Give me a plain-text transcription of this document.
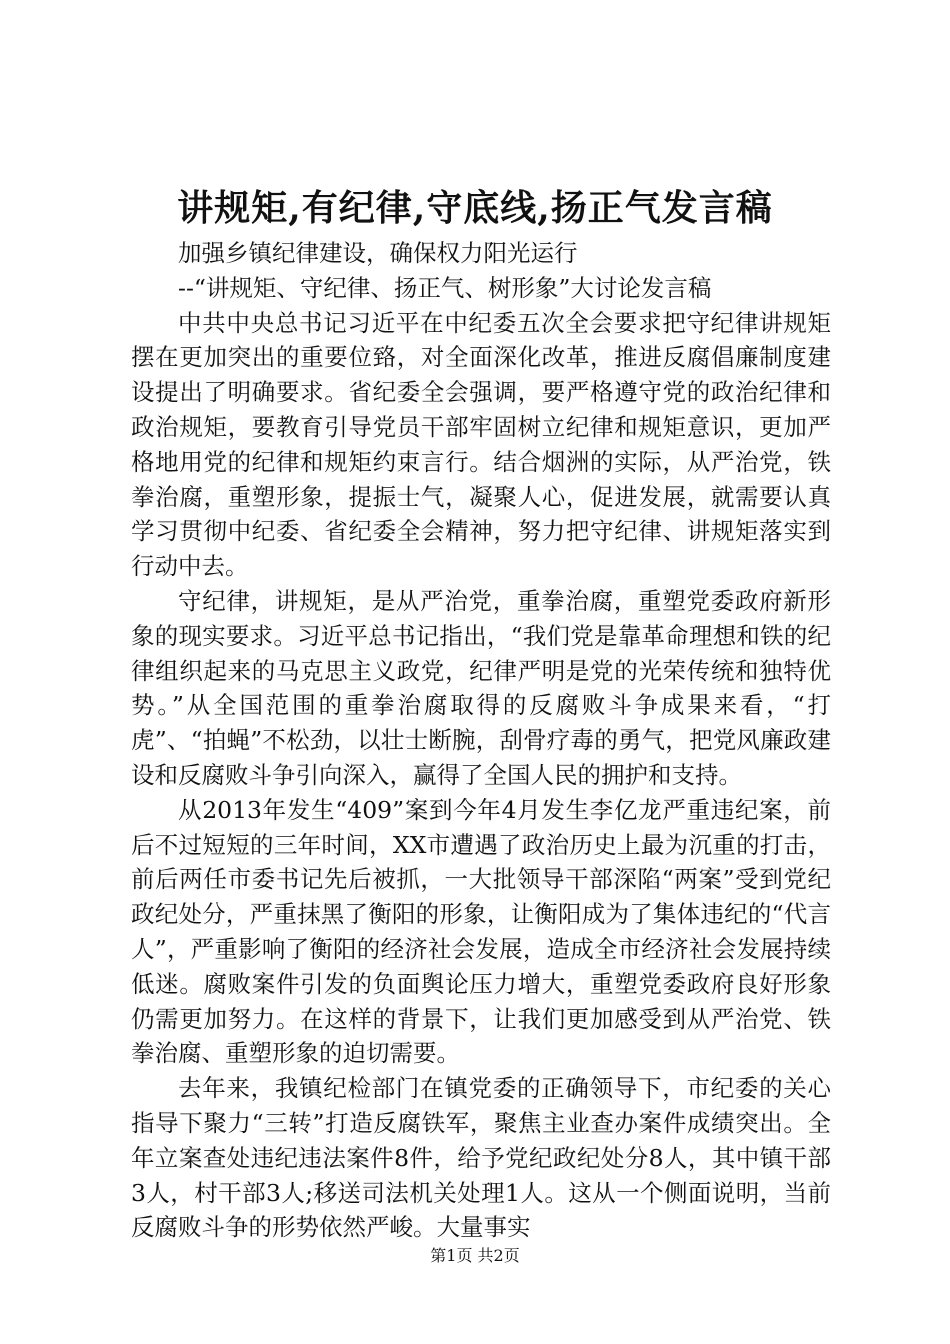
讲规矩,有纪律,守底线,扬正气发言稿

加强乡镇纪律建设，确保权力阳光运行

--“讲规矩、守纪律、扬正气、树形象”大讨论发言稿

中共中央总书记习近平在中纪委五次全会要求把守纪律讲规矩摆在更加突出的重要位臵，对全面深化改革，推进反腐倡廉制度建设提出了明确要求。省纪委全会强调，要严格遵守党的政治纪律和政治规矩，要教育引导党员干部牢固树立纪律和规矩意识，更加严格地用党的纪律和规矩约束言行。结合烟洲的实际，从严治党，铁拳治腐，重塑形象，提振士气，凝聚人心，促进发展，就需要认真学习贯彻中纪委、省纪委全会精神，努力把守纪律、讲规矩落实到行动中去。

守纪律，讲规矩，是从严治党，重拳治腐，重塑党委政府新形象的现实要求。习近平总书记指出，“我们党是靠革命理想和铁的纪律组织起来的马克思主义政党，纪律严明是党的光荣传统和独特优势。”从全国范围的重拳治腐取得的反腐败斗争成果来看，“打虎”、“拍蝇”不松劲，以壮士断腕，刮骨疗毒的勇气，把党风廉政建设和反腐败斗争引向深入，赢得了全国人民的拥护和支持。

从2013年发生“409”案到今年4月发生李亿龙严重违纪案，前后不过短短的三年时间，XX市遭遇了政治历史上最为沉重的打击，前后两任市委书记先后被抓，一大批领导干部深陷“两案”受到党纪政纪处分，严重抹黑了衡阳的形象，让衡阳成为了集体违纪的“代言人”，严重影响了衡阳的经济社会发展，造成全市经济社会发展持续低迷。腐败案件引发的负面舆论压力增大，重塑党委政府良好形象仍需更加努力。在这样的背景下，让我们更加感受到从严治党、铁拳治腐、重塑形象的迫切需要。

去年来，我镇纪检部门在镇党委的正确领导下，市纪委的关心指导下聚力“三转”打造反腐铁军，聚焦主业查办案件成绩突出。全年立案查处违纪违法案件8件，给予党纪政纪处分8人，其中镇干部3人，村干部3人;移送司法机关处理1人。这从一个侧面说明，当前反腐败斗争的形势依然严峻。大量事实

第1页 共2页
